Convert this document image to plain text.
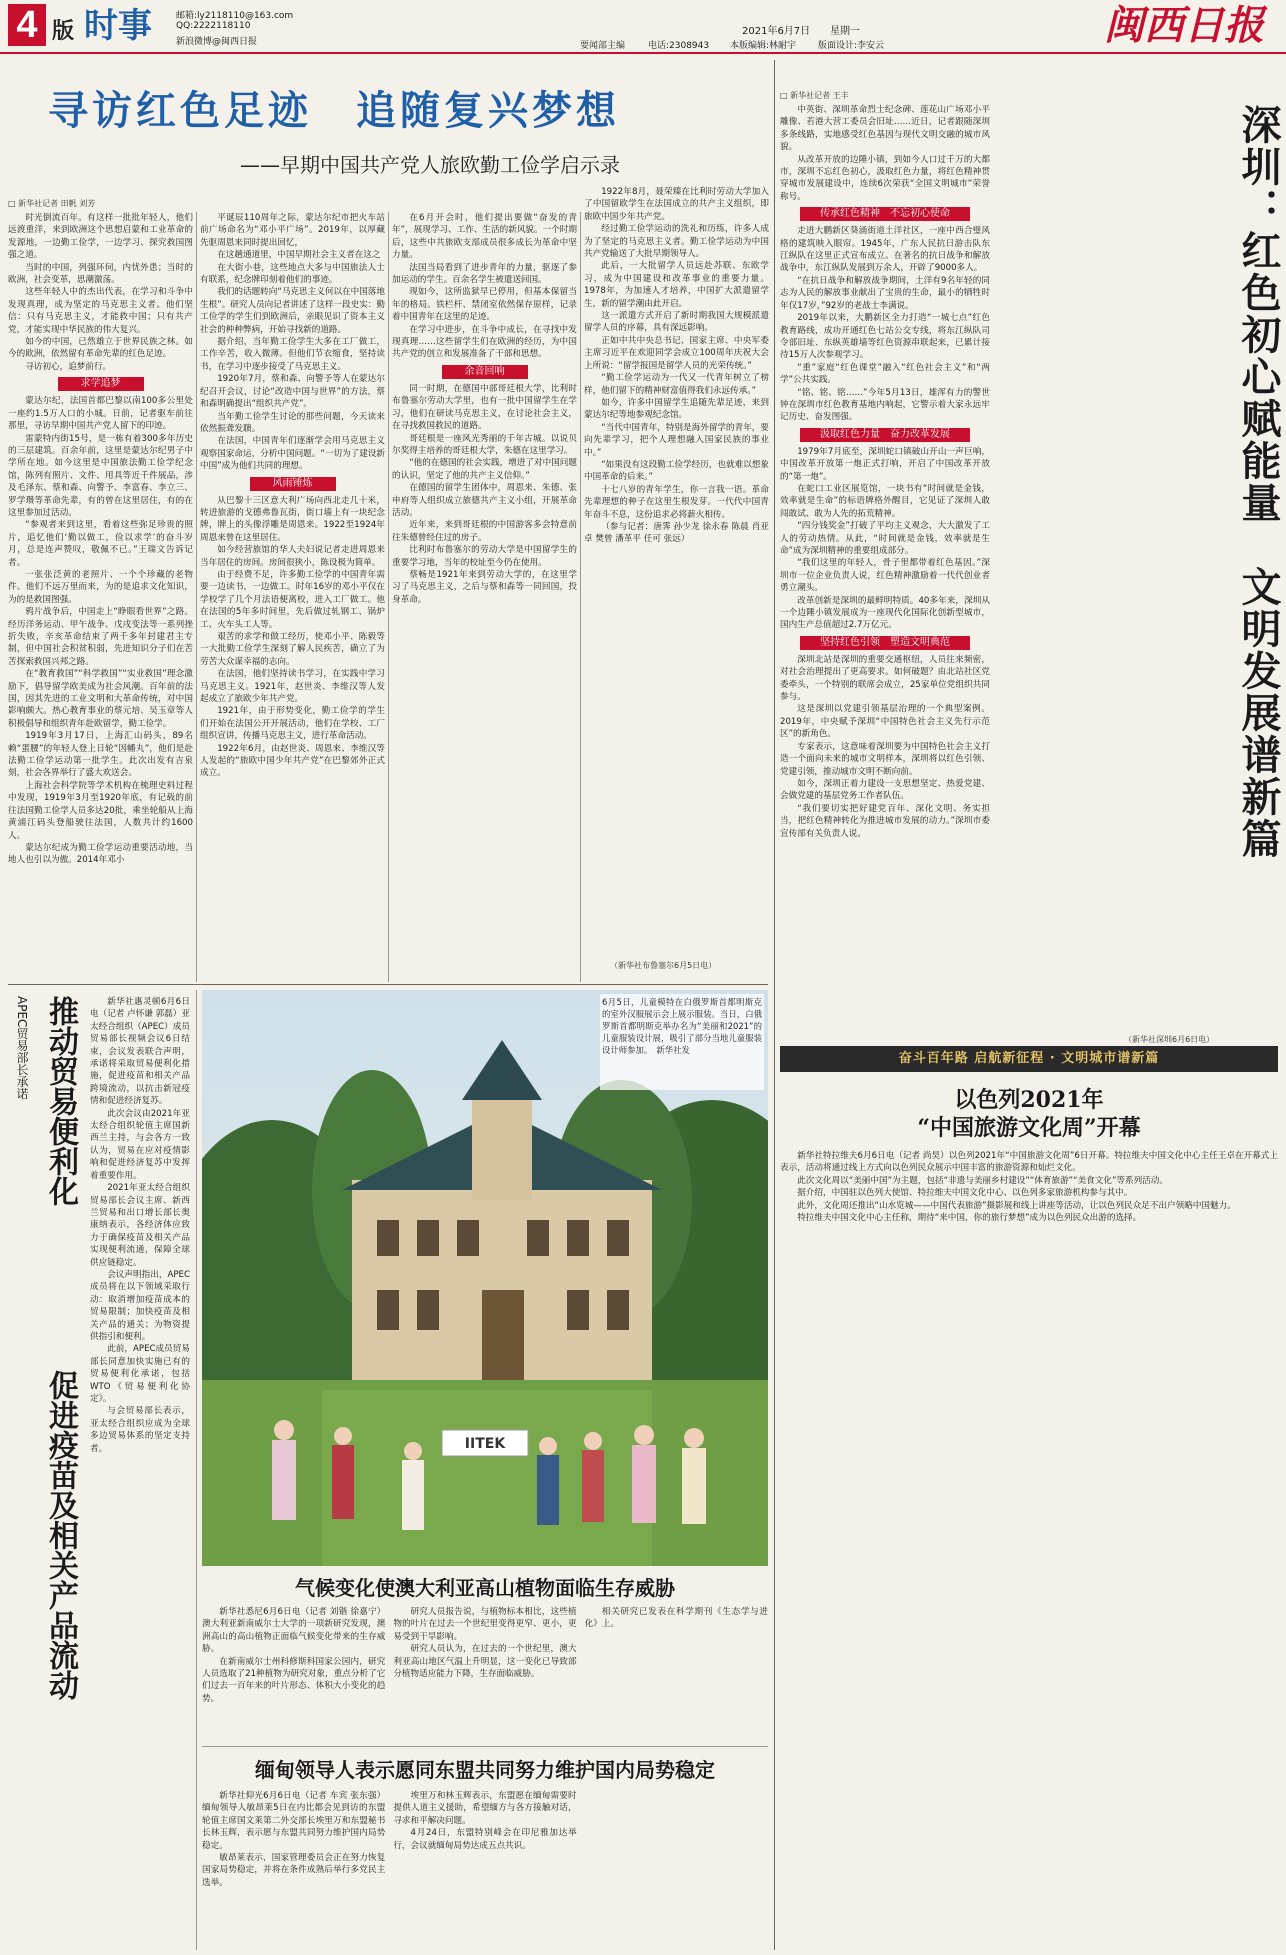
4 版 时事	邮箱:ly2118110@163.com
QQ:2222118110
新浪微博@闽西日报	要闻部主编	电话:2308943 本版编辑:林耐宇 版面设计:李安云
2021年6月7日 星期一	闽西日报
寻访红色足迹　追随复兴梦想
——早期中国共产党人旅欧勤工俭学启示录
□ 新华社记者 田帆 刘芳

时光倒流百年。有这样一批批年轻人，他们远渡重洋，来到欧洲这个思想启蒙和工业革命的发源地，一边勤工俭学，一边学习、探究救国图强之道。

当时的中国，列强环伺，内忧外患；当时的欧洲，社会变革，思潮激荡。

这些年轻人中的杰出代表，在学习和斗争中发现真理，成为坚定的马克思主义者。他们坚信：只有马克思主义，才能救中国；只有共产党，才能实现中华民族的伟大复兴。

如今的中国，已然雄立于世界民族之林。如今的欧洲，依然留有革命先辈的红色足迹。

寻访初心，追梦前行。

求学追梦

蒙达尔纪，法国首都巴黎以南100多公里处一座约1.5万人口的小城。日前，记者驱车前往那里，寻访早期中国共产党人留下的印迹。

雷蒙特内街15号，是一栋有着300多年历史的三层建筑。百余年前，这里是蒙达尔纪男子中学所在地。如今这里是中国旅法勤工俭学纪念馆，陈列有照片、文件、用具等近千件展品，涉及毛泽东、蔡和森、向警予、李富春、李立三、罗学瓒等革命先辈，有的曾在这里居住，有的在这里参加过活动。

“参观者来到这里，看着这些弥足珍贵的照片，追忆他们‘勤以做工，俭以求学’的奋斗岁月，总是连声赞叹，敬佩不已。”王瑞文告诉记者。

一张张泛黄的老照片、一个个珍藏的老物件。他们不远万里而来，为的是追求文化知识，为的是救国图强。

鸦片战争后，中国走上“睁眼看世界”之路。经历洋务运动、甲午战争、戊戌变法等一系列挫折失败，辛亥革命结束了两千多年封建君主专制，但中国社会积贫积弱，先进知识分子们在苦苦探索救国兴邦之路。

在“教育救国”“科学救国”“实业救国”理念激励下，倡导留学欧美成为社会风潮。百年前的法国，因其先进的工业文明和大革命传统，对中国影响颇大。热心教育事业的蔡元培、吴玉章等人积极倡导和组织青年赴欧留学，勤工俭学。

1919年3月17日，上海汇山码头，89名赖“蛋腰”的年轻人登上日轮“因幡丸”，他们是赴法勤工俭学运动第一批学生。此次出发有吉泉刻，社会各界举行了盛大欢送会。

上海社会科学院等学术机构在梳理史料过程中发现，1919年3月至1920年底，有记载的前往法国勤工俭学人员多达20批，乘坐轮船从上海黄浦江码头登船驶往法国，人数共计约1600人。

蒙达尔纪成为勤工俭学运动重要活动地，当地人也引以为傲。2014年邓小

平诞辰110周年之际，蒙达尔纪市把火车站前广场命名为“邓小平广场”。2019年，以厚藏先驱周恩来同时提出回忆，

在这趟通道里，中国早期社会主义者在这之

在大街小巷，这些地点大多与中国旅法人士有联系，纪念牌印刻着他们的事迹。

我们的话题转向“马克思主义何以在中国落地生根”。研究人员向记者讲述了这样一段史实：勤工俭学的学生们到欧洲后，亲眼见识了资本主义社会的种种弊病，开始寻找新的道路。

据介绍，当年勤工俭学生大多在工厂做工，工作辛苦，收入微薄。但他们节衣缩食，坚持读书，在学习中逐步接受了马克思主义。

1920年7月，蔡和森、向警予等人在蒙达尔纪召开会议，讨论“改造中国与世界”的方法，蔡和森明确提出“组织共产党”。

当年勤工俭学生讨论的那些问题，今天读来依然振聋发聩。

在法国，中国青年们逐渐学会用马克思主义观察国家命运，分析中国问题。“一切为了建设新中国”成为他们共同的理想。

风雨锤炼

从巴黎十三区意大利广场向西北走几十米，转进旅游的戈德弗鲁瓦街，街口墙上有一块纪念牌，牌上的头像浮雕是周恩来。1922至1924年周恩来曾在这里居住。

如今经营旅馆的华人夫妇说记者走进周恩来当年居住的房间。房间很狭小，陈设极为简单。

由于经费不足，许多勤工俭学的中国青年需要一边读书，一边做工。时年16岁的邓小平仅在学校学了几个月法语便离校，进入工厂做工。他在法国的5年多时间里，先后做过轧钢工、锅炉工、火车头工人等。

艰苦的求学和做工经历，使邓小平、陈毅等一大批勤工俭学生深刻了解人民疾苦，确立了为劳苦大众谋幸福的志向。

在法国，他们坚持读书学习，在实践中学习马克思主义。1921年，赵世炎、李维汉等人发起成立了旅欧少年共产党。

1921年，由于形势变化，勤工俭学的学生们开始在法国公开开展活动，他们在学校、工厂组织宣讲，传播马克思主义，进行革命活动。

1922年6月，由赵世炎、周恩来、李维汉等人发起的“旅欧中国少年共产党”在巴黎郊外正式成立。

在6月开会时，他们提出要做“奋发的青年”，展现学习、工作、生活的新风貌。一个时期后，这些中共旅欧支部成员很多成长为革命中坚力量。

法国当局看到了进步青年的力量，驱逐了参加运动的学生。百余名学生被遣送回国。

现如今，这所监狱早已停用，但基本保留当年的格局。铁栏杆、禁闭室依然保存原样，记录着中国青年在这里的足迹。

在学习中进步，在斗争中成长，在寻找中发现真理……这些留学生们在欧洲的经历，为中国共产党的创立和发展准备了干部和思想。

余音回响

同一时期，在德国中部哥廷根大学，比利时布鲁塞尔劳动大学里，也有一批中国留学生在学习，他们在研读马克思主义，在讨论社会主义，在寻找救国救民的道路。

哥廷根是一座风光秀丽的千年古城。以说贝尔奖得主培养的哥廷根大学，朱德在这里学习。

“他的在德国的社会实践，增进了对中国问题的认识，坚定了他的共产主义信仰。”

在德国的留学生团体中，周恩来、朱德、张申府等人组织成立旅德共产主义小组，开展革命活动。

近年来，来到哥廷根的中国游客多会特意前往朱德曾经住过的房子。

比利时布鲁塞尔的劳动大学是中国留学生的重要学习地，当年的校址至今仍在使用。

蔡畅是1921年来到劳动大学的，在这里学习了马克思主义，之后与蔡和森等一同回国，投身革命。

1922年8月，聂荣臻在比利时劳动大学加入了中国留欧学生在法国成立的共产主义组织，即旅欧中国少年共产党。

经过勤工俭学运动的洗礼和历练，许多人成为了坚定的马克思主义者。勤工俭学运动为中国共产党输送了大批早期领导人。

此后，一大批留学人员远赴苏联、东欧学习，成为中国建设和改革事业的重要力量。1978年，为加速人才培养，中国扩大派遣留学生，新的留学潮由此开启。

这一派遣方式开启了新时期我国大规模派遣留学人员的序幕，具有深远影响。

正如中共中央总书记、国家主席、中央军委主席习近平在欢迎同学会成立100周年庆祝大会上所说：“留学报国是留学人员的光荣传统。”

“勤工俭学运动为一代又一代青年树立了榜样，他们留下的精神财富值得我们永远传承。”

如今，许多中国留学生追随先辈足迹，来到蒙达尔纪等地参观纪念馆。

“当代中国青年，特别是海外留学的青年，要向先辈学习，把个人理想融入国家民族的事业中。”

“如果没有这段勤工俭学经历，也就难以想象中国革命的后来。”

十七八岁的青年学生，你一言我一语。革命先辈理想的种子在这里生根发芽。一代代中国青年奋斗不息，这份追求必将薪火相传。

（参与记者：唐霁 孙少龙 徐永春 陈晨 肖亚卓 樊曾 潘革平 任可 张远）

（新华社布鲁塞尔6月5日电）
□ 新华社记者 王丰
深圳：红色初心赋能量　文明发展谱新篇

中英街、深圳革命烈士纪念碑、莲花山广场邓小平雕像、若港大营工委员会旧址……近日，记者跟随深圳多条线路，实地感受红色基因与现代文明交融的城市风貌。

从改革开放的边陲小镇，到如今人口过千万的大都市，深圳不忘红色初心，汲取红色力量，将红色精神贯穿城市发展建设中，连续6次荣获“全国文明城市”荣誉称号。

传承红色精神　不忘初心使命

走进大鹏新区葵涌街道土洋社区，一座中西合璧风格的建筑映入眼帘。1945年，广东人民抗日游击队东江纵队在这里正式宣布成立。在著名的抗日战争和解放战争中，东江纵队发展到万余人，开辟了9000多人。

“在抗日战争和解放战争期间，土洋有9名年轻的同志为人民的解放事业献出了宝贵的生命，最小的牺牲时年仅17岁，”92岁的老战士李满说。

2019年以来，大鹏新区全力打造“一城七点”红色教育路线，成功开通红色七站公交专线，将东江纵队司令部旧址、东纵英雄墙等红色资源串联起来，已累计接待15万人次参观学习。

“重”家庭“红色课堂”融入“红色社会主义”和“两学”公共实践。

“铭、铭、铭……”今年5月13日，雄浑有力的警世钟在深圳市红色教育基地内响起，它警示着大家永远牢记历史、奋发图强。

汲取红色力量　奋力改革发展

1979年7月底至，深圳蛇口镇破山开山一声巨响，中国改革开放第一炮正式打响，开启了中国改革开放的“第一炮”。

在蛇口工业区展览馆，一块书有“时间就是金钱，效率就是生命”的标语牌格外醒目，它见证了深圳人敢闯敢试、敢为人先的拓荒精神。

“四分钱奖金”打破了平均主义观念，大大激发了工人的劳动热情。从此，“时间就是金钱，效率就是生命”成为深圳精神的重要组成部分。

“我们这里的年轻人，骨子里都带着红色基因。”深圳市一位企业负责人说，红色精神激励着一代代创业者勇立潮头。

改革创新是深圳的最鲜明特质。40多年来，深圳从一个边陲小镇发展成为一座现代化国际化创新型城市，国内生产总值超过2.7万亿元。

坚持红色引领　塑造文明典范

深圳北站是深圳的重要交通枢纽，人员往来频密，对社会治理提出了更高要求。如何破题？由北站社区党委牵头，一个特别的联席会成立，25家单位党组织共同参与。

这是深圳以党建引领基层治理的一个典型案例。2019年，中央赋予深圳“中国特色社会主义先行示范区”的新角色。

专家表示，这意味着深圳要为中国特色社会主义打造一个面向未来的城市文明样本，深圳将以红色引领、党建引领，推动城市文明不断向前。

如今，深圳正着力建设一支思想坚定、热爱党建、会做党建的基层党务工作者队伍。

“我们要切实把好建党百年、深化文明、务实担当，把红色精神转化为推进城市发展的动力。”深圳市委宣传部有关负责人说。

（新华社深圳6月6日电）
奋斗百年路 启航新征程 · 文明城市谱新篇
以色列2021年
“中国旅游文化周”开幕

新华社特拉维夫6月6日电（记者 尚昊）以色列2021年“中国旅游文化周”6日开幕。特拉维夫中国文化中心主任王卓在开幕式上表示，活动将通过线上方式向以色列民众展示中国丰富的旅游资源和灿烂文化。

此次文化周以“美丽中国”为主题，包括“非遗与美丽乡村建设”“体育旅游”“美食文化”等系列活动。

据介绍，中国驻以色列大使馆、特拉维夫中国文化中心、以色列多家旅游机构参与其中。

此外，文化周还推出“山水览城——中国代表旅游”摄影展和线上讲座等活动，让以色列民众足不出户领略中国魅力。

特拉维夫中国文化中心主任称，期待“来中国，你的旅行梦想”成为以色列民众出游的选择。

APEC贸易部长承诺 推动贸易便利化
促进疫苗及相关产品流动

新华社惠灵顿6月6日电（记者 卢怀谦 郭磊）亚太经合组织（APEC）成员贸易部长视频会议6日结束，会议发表联合声明，承诺将采取贸易便利化措施，促进疫苗和相关产品跨境流动，以抗击新冠疫情和促进经济复苏。

此次会议由2021年亚太经合组织轮值主席国新西兰主持，与会各方一致认为，贸易在应对疫情影响和促进经济复苏中发挥着重要作用。

2021年亚太经合组织贸易部长会议主席、新西兰贸易和出口增长部长奥康纳表示，各经济体应致力于确保疫苗及相关产品实现便利流通，保障全球供应链稳定。

会议声明指出，APEC成员将在以下领域采取行动：取消增加疫苗成本的贸易限制；加快疫苗及相关产品的通关；为物资提供指引和便利。

此前，APEC成员贸易部长同意加快实施已有的贸易便利化承诺，包括WTO《贸易便利化协定》。

与会贸易部长表示，亚太经合组织应成为全球多边贸易体系的坚定支持者。	IITEK
6月5日，儿童模特在白俄罗斯首都明斯克的室外汉服展示会上展示服装。当日，白俄罗斯首都明斯克举办名为“美丽和2021”的儿童服装设计展，吸引了部分当地儿童服装设计师参加。　新华社发
气候变化使澳大利亚高山植物面临生存威胁

新华社悉尼6月6日电（记者 刘锴 徐嘉宁）澳大利亚新南威尔士大学的一项新研究发现，澳洲高山的高山植物正面临气候变化带来的生存威胁。

在新南威尔士州科修斯科国家公园内，研究人员选取了21种植物为研究对象，重点分析了它们过去一百年来的叶片形态、体积大小变化的趋势。

研究人员报告说，与植物标本相比，这些植物的叶片在过去一个世纪里变得更窄、更小，更易受到干旱影响。

研究人员认为，在过去的一个世纪里，澳大利亚高山地区气温上升明显，这一变化已导致部分植物适应能力下降，生存面临威胁。

相关研究已发表在科学期刊《生态学与进化》上。

缅甸领导人表示愿同东盟共同努力维护国内局势稳定

新华社仰光6月6日电（记者 车宾 张东强）缅甸领导人敏昂莱5日在内比都会见到访的东盟轮值主席国文莱第二外交部长埃里万和东盟秘书长林玉辉，表示愿与东盟共同努力维护国内局势稳定。

敏昂莱表示，国家管理委员会正在努力恢复国家局势稳定，并将在条件成熟后举行多党民主选举。

埃里万和林玉辉表示，东盟愿在缅甸需要时提供人道主义援助，希望缅方与各方接触对话，寻求和平解决问题。

4月24日，东盟特别峰会在印尼雅加达举行，会议就缅甸局势达成五点共识。
